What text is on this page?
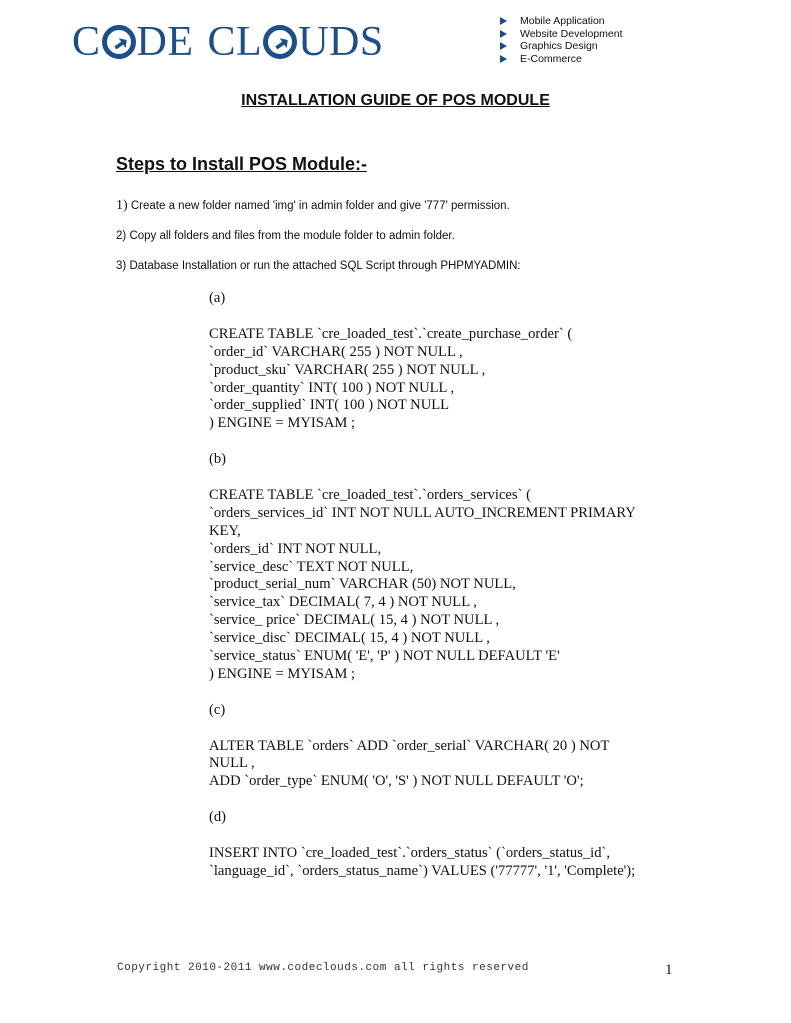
C DE CL UDS	Mobile Application
Website Development
Graphics Design
E-Commerce
INSTALLATION GUIDE OF POS MODULE
Steps to Install POS Module:-
1) Create a new folder named 'img' in admin folder and give '777' permission.
2) Copy all folders and files from the module folder to admin folder.
3) Database Installation or run the attached SQL Script through PHPMYADMIN:
(a)
CREATE TABLE `cre_loaded_test`.`create_purchase_order` (
`order_id` VARCHAR( 255 ) NOT NULL ,
`product_sku` VARCHAR( 255 ) NOT NULL ,
`order_quantity` INT( 100 ) NOT NULL ,
`order_supplied` INT( 100 ) NOT NULL
) ENGINE = MYISAM ;
(b)
CREATE TABLE `cre_loaded_test`.`orders_services` (
`orders_services_id` INT NOT NULL AUTO_INCREMENT PRIMARY
KEY,
`orders_id` INT NOT NULL,
`service_desc` TEXT NOT NULL,
`product_serial_num` VARCHAR (50) NOT NULL,
`service_tax` DECIMAL( 7, 4 ) NOT NULL ,
`service_ price` DECIMAL( 15, 4 ) NOT NULL ,
`service_disc` DECIMAL( 15, 4 ) NOT NULL ,
`service_status` ENUM( 'E', 'P' ) NOT NULL DEFAULT 'E'
) ENGINE = MYISAM ;
(c)
ALTER TABLE `orders` ADD `order_serial` VARCHAR( 20 ) NOT
NULL ,
ADD `order_type` ENUM( 'O', 'S' ) NOT NULL DEFAULT 'O';
(d)
INSERT INTO `cre_loaded_test`.`orders_status` (`orders_status_id`,
`language_id`, `orders_status_name`) VALUES ('77777', '1', 'Complete');
Copyright 2010-2011 www.codeclouds.com all rights reserved	1
